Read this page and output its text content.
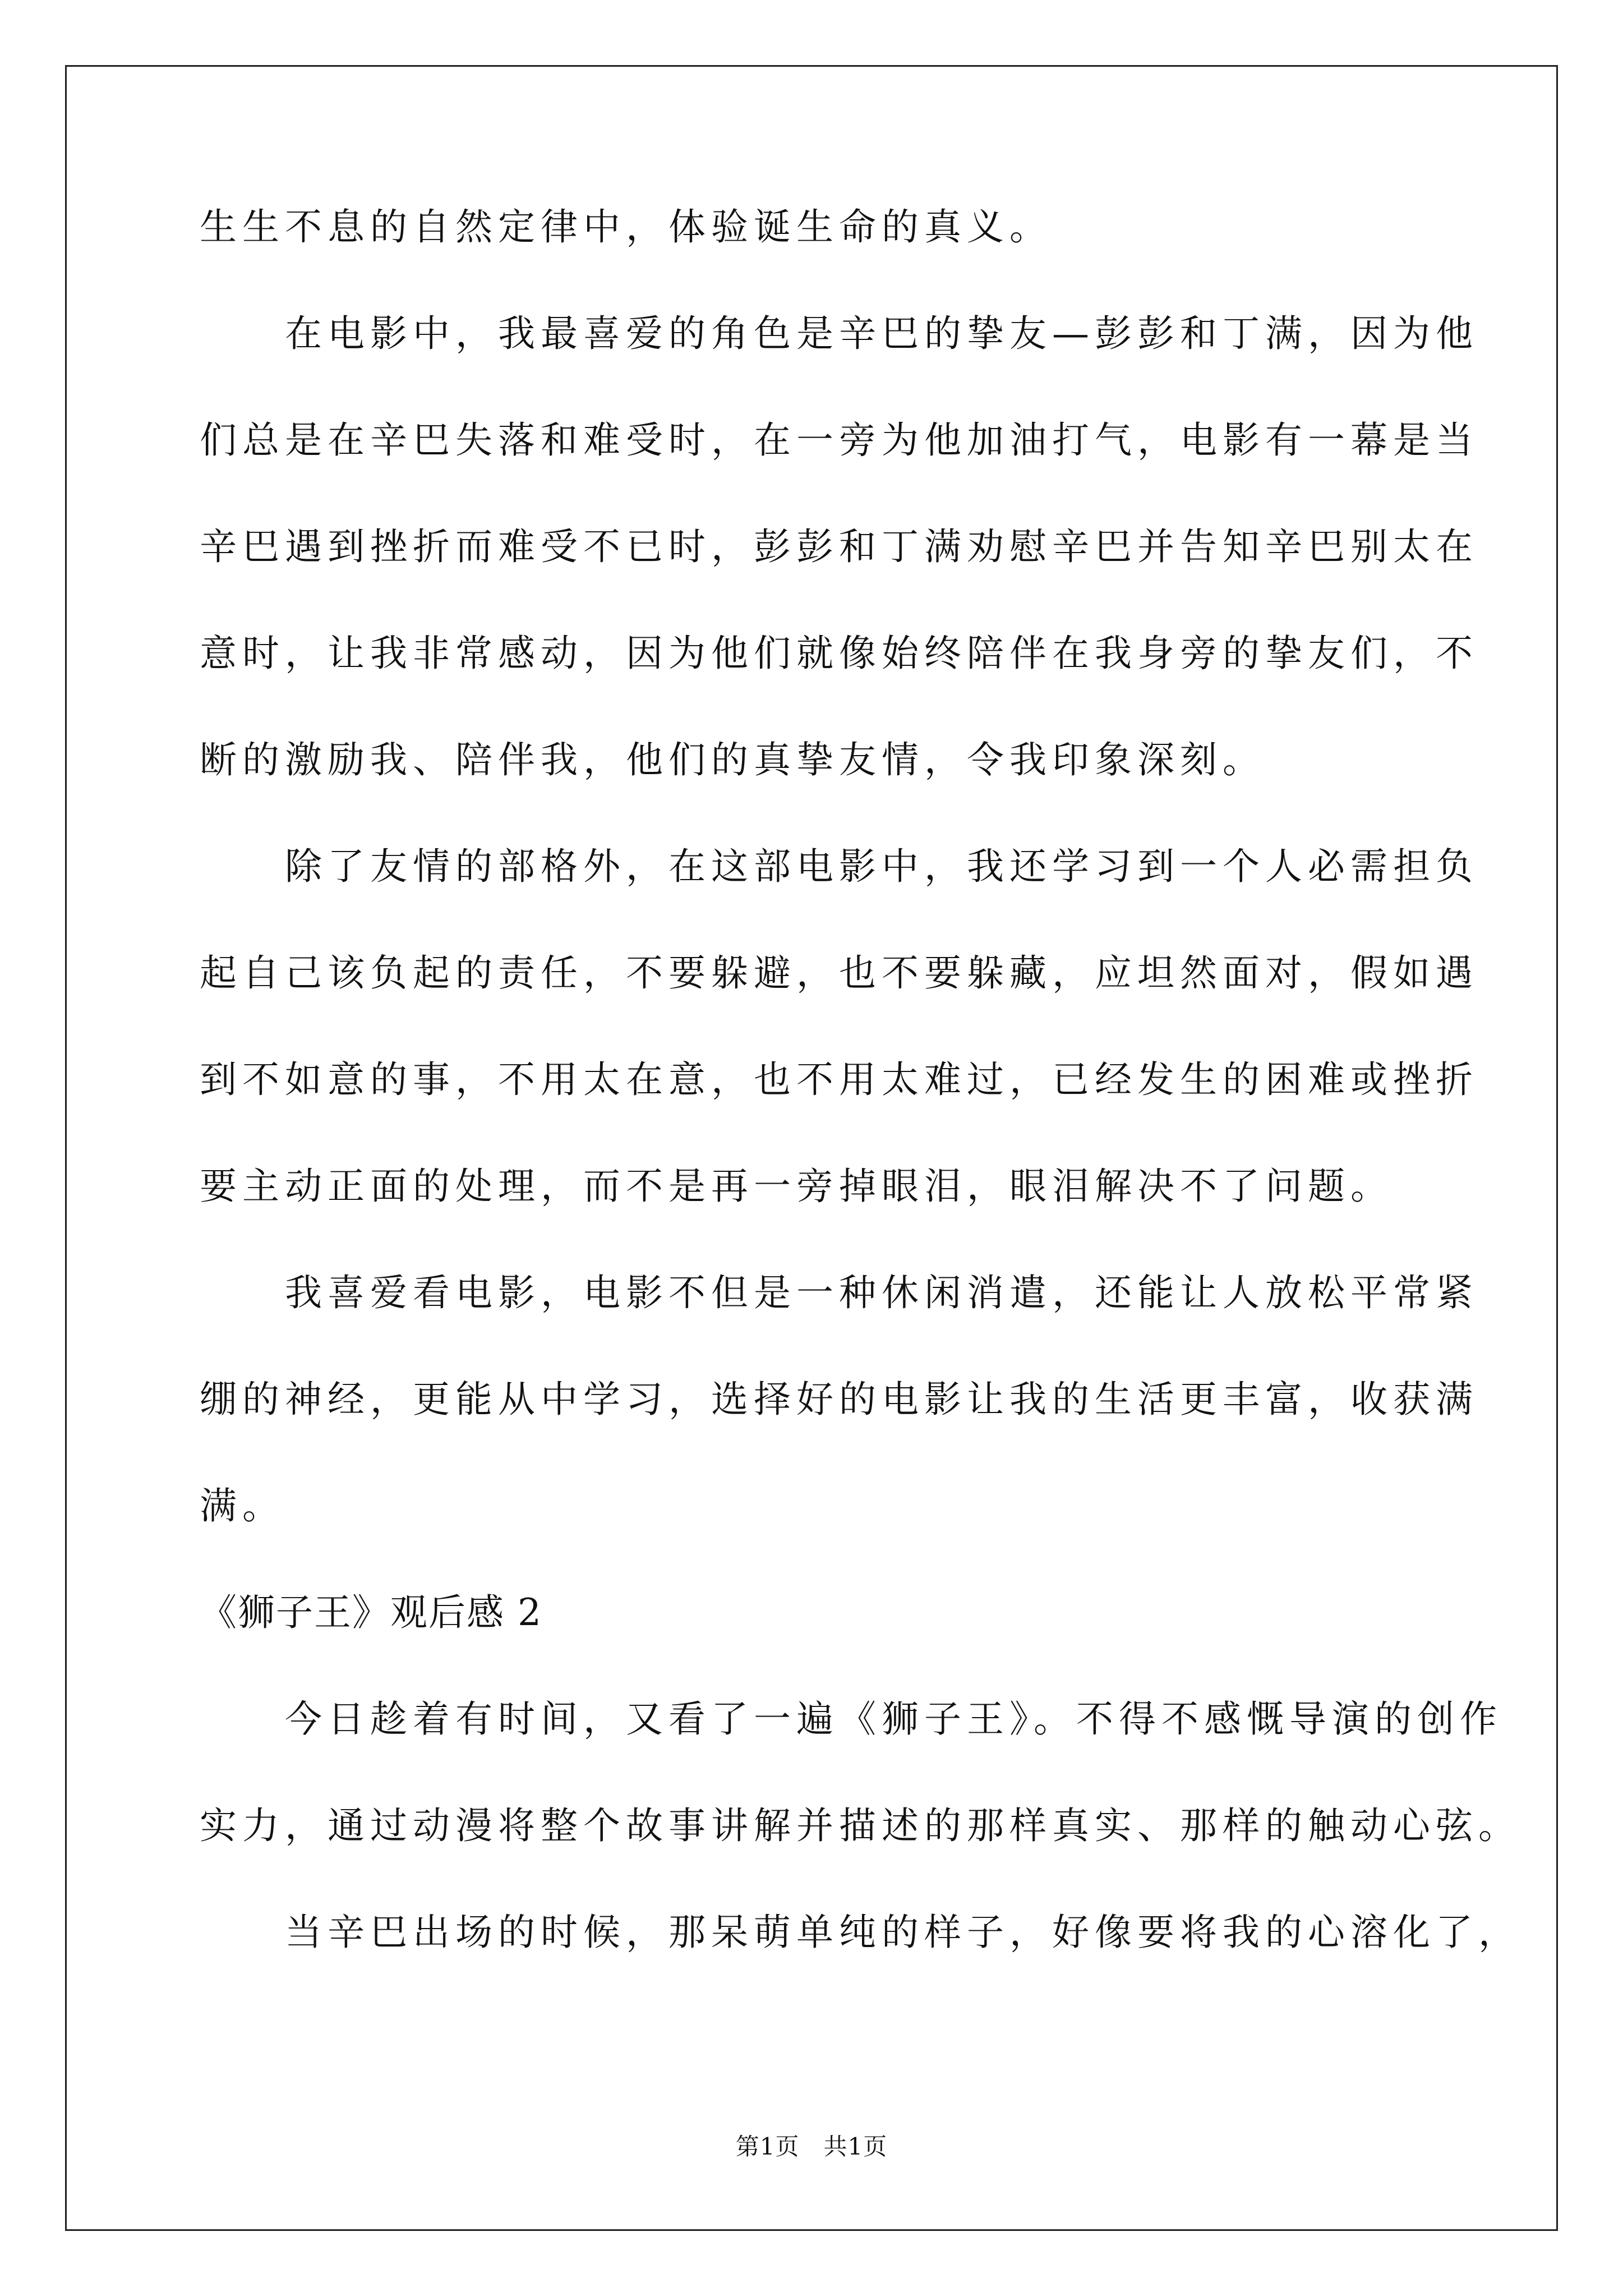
生生不息的自然定律中，体验诞生命的真义。
在电影中，我最喜爱的角色是辛巴的挚友—彭彭和丁满，因为他
们总是在辛巴失落和难受时，在一旁为他加油打气，电影有一幕是当
辛巴遇到挫折而难受不已时，彭彭和丁满劝慰辛巴并告知辛巴别太在
意时，让我非常感动，因为他们就像始终陪伴在我身旁的挚友们，不
断的激励我、陪伴我，他们的真挚友情，令我印象深刻。
除了友情的部格外，在这部电影中，我还学习到一个人必需担负
起自己该负起的责任，不要躲避，也不要躲藏，应坦然面对，假如遇
到不如意的事，不用太在意，也不用太难过，已经发生的困难或挫折
要主动正面的处理，而不是再一旁掉眼泪，眼泪解决不了问题。
我喜爱看电影，电影不但是一种休闲消遣，还能让人放松平常紧
绷的神经，更能从中学习，选择好的电影让我的生活更丰富，收获满
满。
《狮子王》观后感 2
今日趁着有时间，又看了一遍《狮子王》。不得不感慨导演的创作
实力，通过动漫将整个故事讲解并描述的那样真实、那样的触动心弦。
当辛巴出场的时候，那呆萌单纯的样子，好像要将我的心溶化了，
第1页　共1页
